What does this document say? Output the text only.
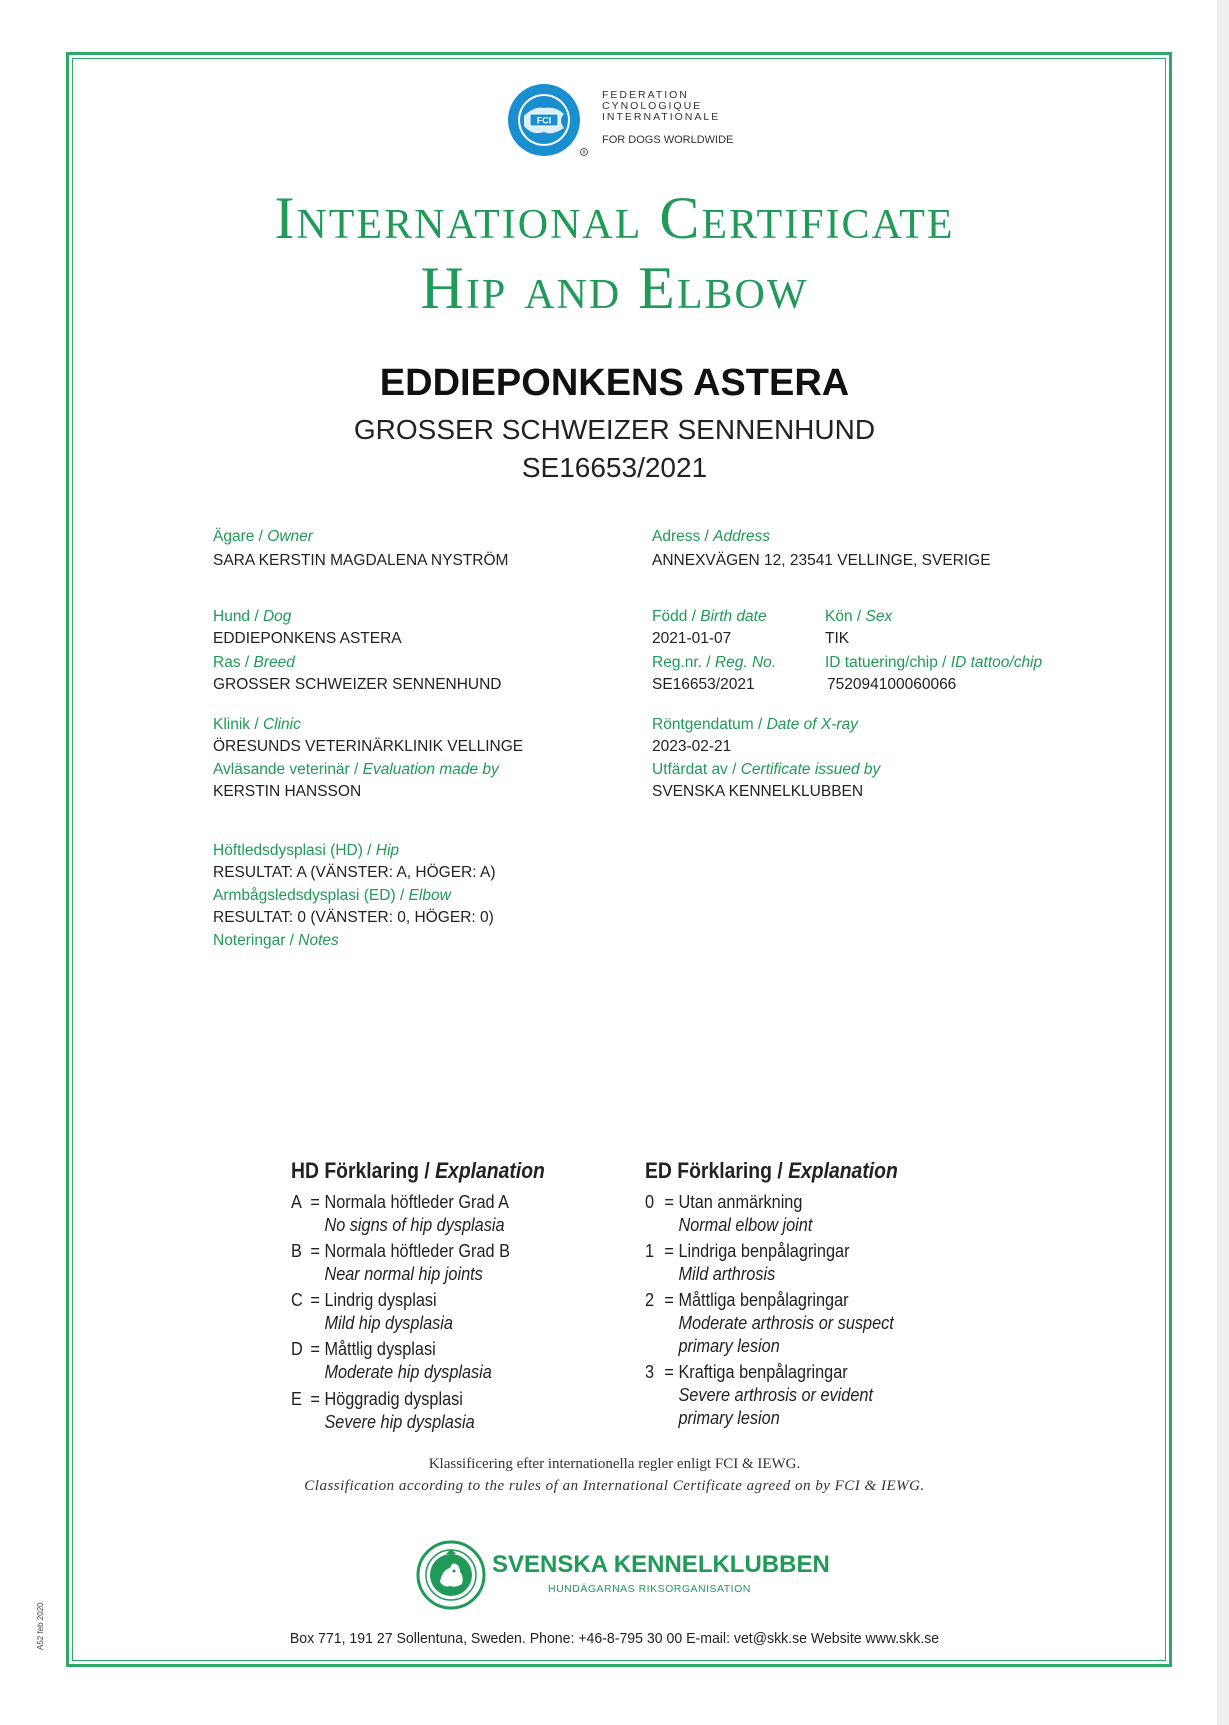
FCI
®
FEDERATION
CYNOLOGIQUE
INTERNATIONALE
FOR DOGS WORLDWIDE
International Certificate
Hip and Elbow
EDDIEPONKENS ASTERA
GROSSER SCHWEIZER SENNENHUND
SE16653/2021
Ägare / Owner
SARA KERSTIN MAGDALENA NYSTRÖM
Adress / Address
ANNEXVÄGEN 12, 23541 VELLINGE, SVERIGE
Hund / Dog
EDDIEPONKENS ASTERA
Född / Birth date
2021-01-07
Kön / Sex
TIK
Ras / Breed
GROSSER SCHWEIZER SENNENHUND
Reg.nr. / Reg. No.
SE16653/2021
ID tatuering/chip / ID tattoo/chip
752094100060066
Klinik / Clinic
ÖRESUNDS VETERINÄRKLINIK VELLINGE
Röntgendatum / Date of X-ray
2023-02-21
Avläsande veterinär / Evaluation made by
KERSTIN HANSSON
Utfärdat av / Certificate issued by
SVENSKA KENNELKLUBBEN
Höftledsdysplasi (HD) / Hip
RESULTAT: A (VÄNSTER: A, HÖGER: A)
Armbågsledsdysplasi (ED) / Elbow
RESULTAT: 0 (VÄNSTER: 0, HÖGER: 0)
Noteringar / Notes
HD Förklaring / Explanation
A = Normala höftleder Grad A
No signs of hip dysplasia
B = Normala höftleder Grad B
Near normal hip joints
C = Lindrig dysplasi
Mild hip dysplasia
D = Måttlig dysplasi
Moderate hip dysplasia
E = Höggradig dysplasi
Severe hip dysplasia
ED Förklaring / Explanation
0 = Utan anmärkning
Normal elbow joint
1 = Lindriga benpålagringar
Mild arthrosis
2 = Måttliga benpålagringar
Moderate arthrosis or suspect
primary lesion
3 = Kraftiga benpålagringar
Severe arthrosis or evident
primary lesion
Klassificering efter internationella regler enligt FCI & IEWG.
Classification according to the rules of an International Certificate agreed on by FCI & IEWG.
SVENSKA KENNELKLUBBEN
HUNDÄGARNAS RIKSORGANISATION
Box 771, 191 27 Sollentuna, Sweden. Phone: +46-8-795 30 00 E-mail: vet@skk.se Website www.skk.se
A52 feb 2020
